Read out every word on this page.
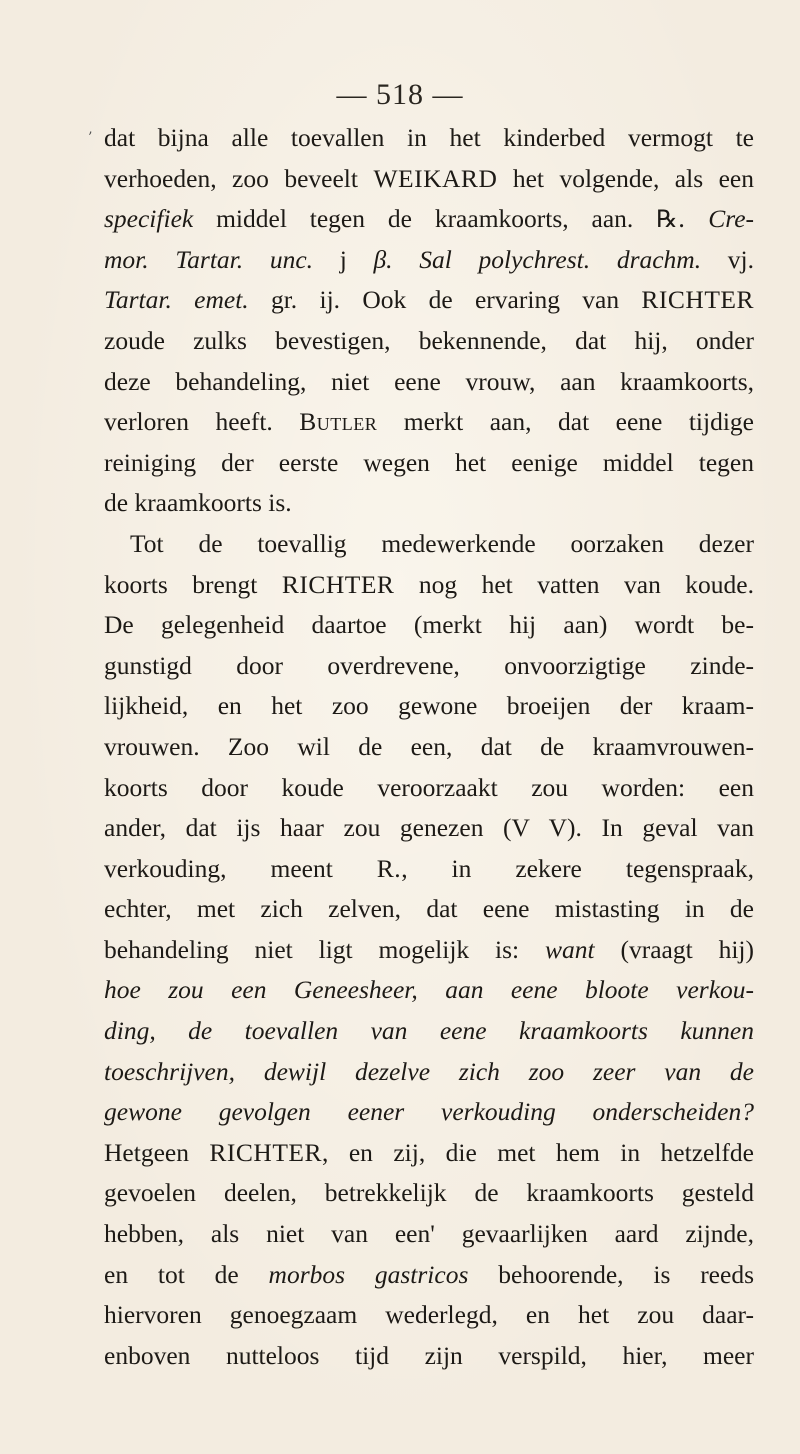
— 518 —
’ dat bijna alle toevallen in het kinderbed vermogt te
verhoeden, zoo beveelt WEIKARD het volgende, als een
specifiek middel tegen de kraamkoorts, aan. ℞. Cre-
mor. Tartar. unc. j β. Sal polychrest. drachm. vj.
Tartar. emet. gr. ij. Ook de ervaring van RICHTER
zoude zulks bevestigen, bekennende, dat hij, onder
deze behandeling, niet eene vrouw, aan kraamkoorts,
verloren heeft. Butler merkt aan, dat eene tijdige
reiniging der eerste wegen het eenige middel tegen
de kraamkoorts is.
Tot de toevallig medewerkende oorzaken dezer
koorts brengt RICHTER nog het vatten van koude.
De gelegenheid daartoe (merkt hij aan) wordt be-
gunstigd door overdrevene, onvoorzigtige zinde-
lijkheid, en het zoo gewone broeijen der kraam-
vrouwen. Zoo wil de een, dat de kraamvrouwen-
koorts door koude veroorzaakt zou worden: een
ander, dat ijs haar zou genezen (V V). In geval van
verkouding, meent R., in zekere tegenspraak,
echter, met zich zelven, dat eene mistasting in de
behandeling niet ligt mogelijk is: want (vraagt hij)
hoe zou een Geneesheer, aan eene bloote verkou-
ding, de toevallen van eene kraamkoorts kunnen
toeschrijven, dewijl dezelve zich zoo zeer van de
gewone gevolgen eener verkouding onderscheiden?
Hetgeen RICHTER, en zij, die met hem in hetzelfde
gevoelen deelen, betrekkelijk de kraamkoorts gesteld
hebben, als niet van een' gevaarlijken aard zijnde,
en tot de morbos gastricos behoorende, is reeds
hiervoren genoegzaam wederlegd, en het zou daar-
enboven nutteloos tijd zijn verspild, hier, meer
